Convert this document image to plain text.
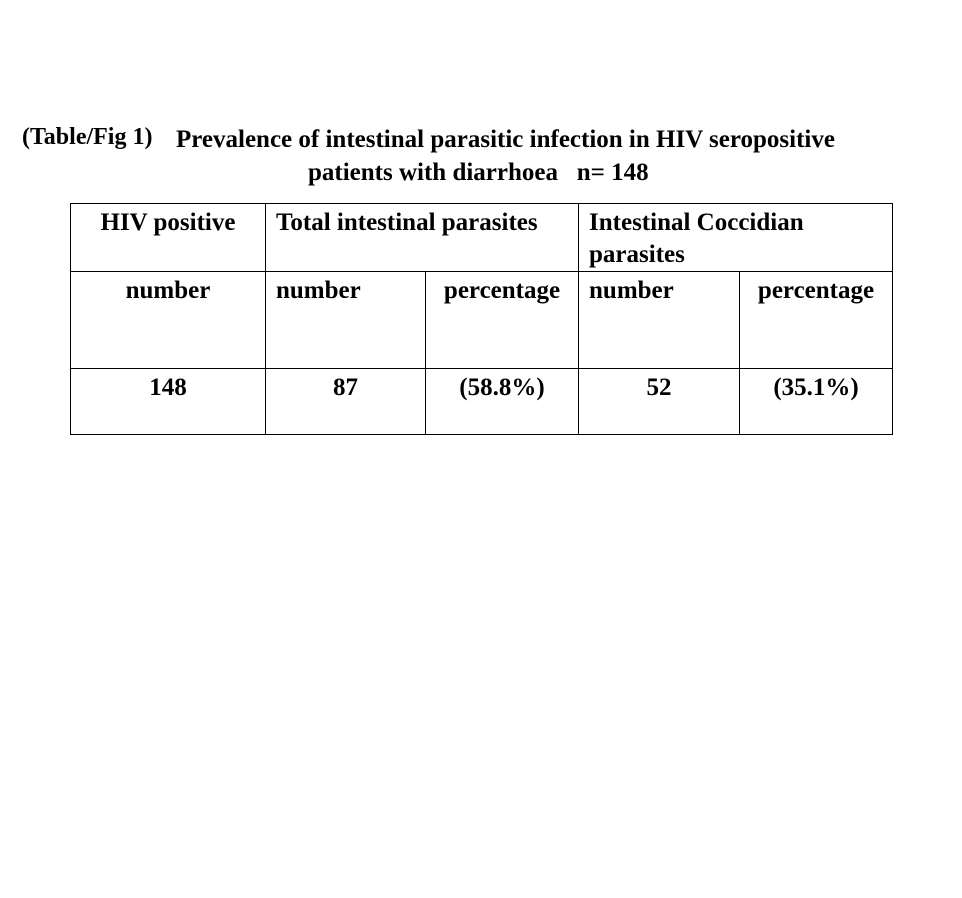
(Table/Fig 1) Prevalence of intestinal parasitic infection in HIV seropositive
patients with diarrhoea   n= 148
HIV positive	Total intestinal parasites		Intestinal Coccidian parasites	
number	number	percentage	number	percentage
148	87	(58.8%)	52	(35.1%)
